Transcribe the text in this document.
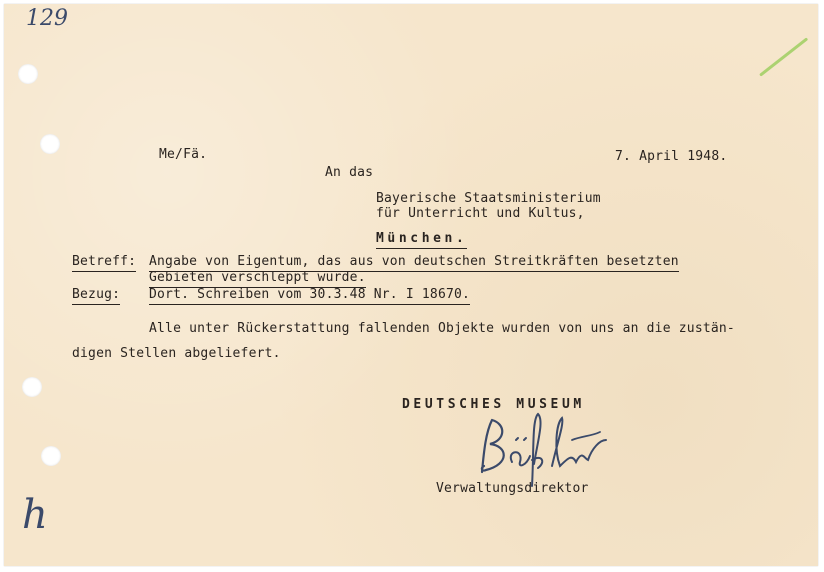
129
h
Me/Fä.	7. April 1948.
An das
Bayerische Staatsministerium
für Unterricht und Kultus,
München.
Betreff: Angabe von Eigentum, das aus von deutschen Streitkräften besetzten
Gebieten verschleppt wurde.
Bezug: Dort. Schreiben vom 30.3.48 Nr. I 18670.
Alle unter Rückerstattung fallenden Objekte wurden von uns an die zustän-
digen Stellen abgeliefert.
DEUTSCHES MUSEUM
Verwaltungsdirektor
